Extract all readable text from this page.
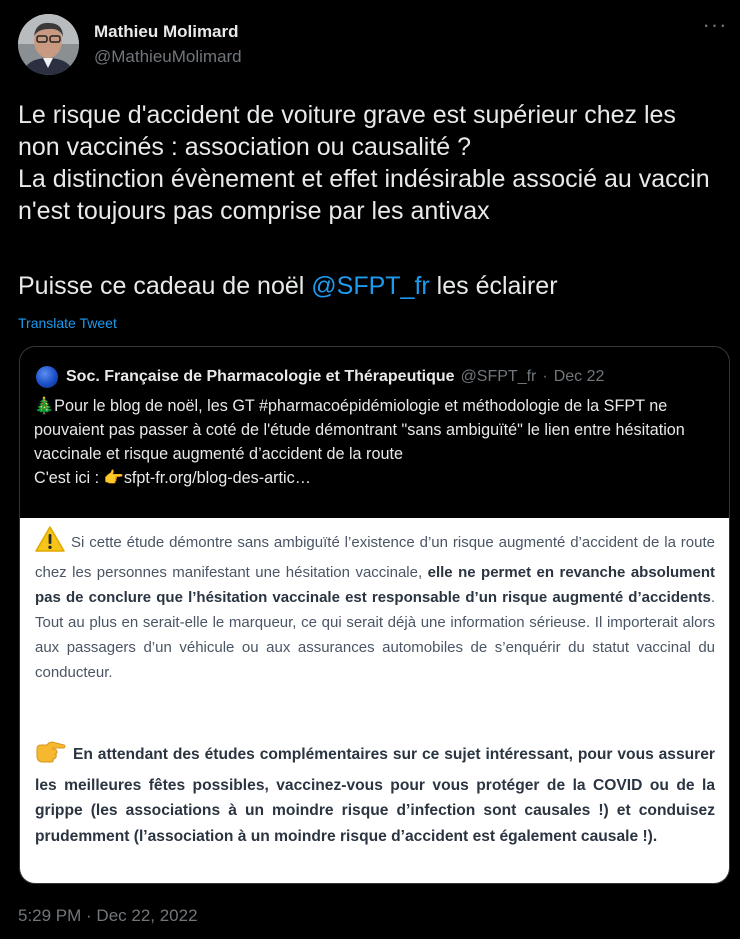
Mathieu Molimard
@MathieuMolimard
···

Le risque d'accident de voiture grave est supérieur chez les non vaccinés : association ou causalité ?

La distinction évènement et effet indésirable associé au vaccin n'est toujours pas comprise par les antivax

Puisse ce cadeau de noël @SFPT_fr les éclairer

Translate Tweet
Soc. Française de Pharmacologie et Thérapeutique @SFPT_fr · Dec 22

🎄Pour le blog de noël, les GT #pharmacoépidémiologie et méthodologie de la SFPT ne pouvaient pas passer à coté de l'étude démontrant "sans ambiguïté" le lien entre hésitation vaccinale et risque augmenté d’accident de la route

C'est ici : 👉sfpt-fr.org/blog-des-artic…

Si cette étude démontre sans ambiguïté l’existence d’un risque augmenté d’accident de la route chez les personnes manifestant une hésitation vaccinale, elle ne permet en revanche absolument pas de conclure que l’hésitation vaccinale est responsable d’un risque augmenté d’accidents. Tout au plus en serait-elle le marqueur, ce qui serait déjà une information sérieuse. Il importerait alors aux passagers d’un véhicule ou aux assurances automobiles de s’enquérir du statut vaccinal du conducteur.
En attendant des études complémentaires sur ce sujet intéressant, pour vous assurer les meilleures fêtes possibles, vaccinez-vous pour vous protéger de la COVID ou de la grippe (les associations à un moindre risque d’infection sont causales !) et conduisez prudemment (l’association à un moindre risque d’accident est également causale !).
5:29 PM · Dec 22, 2022
